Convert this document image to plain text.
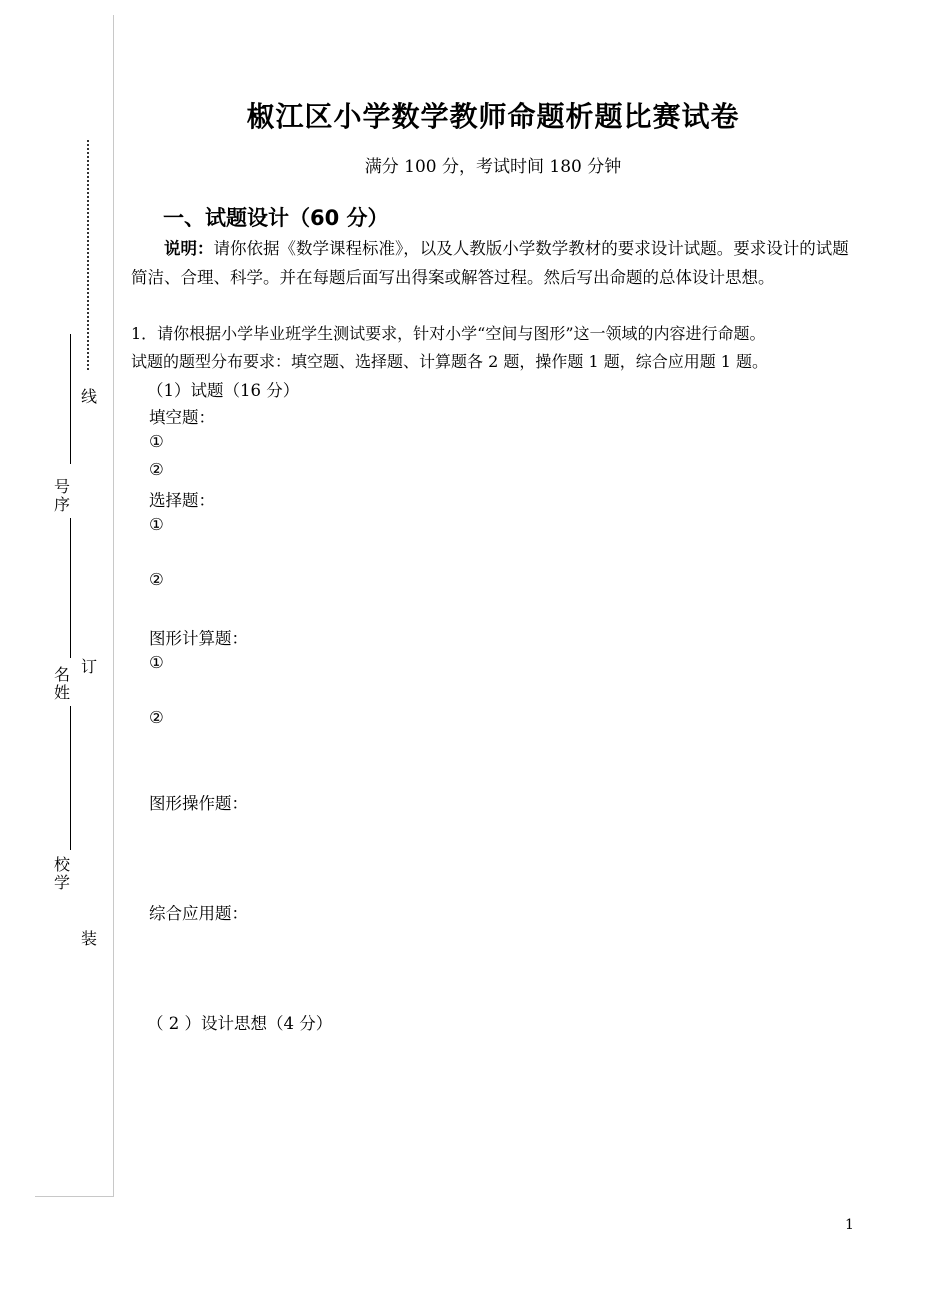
线
订
装
号序
名姓
校学
椒江区小学数学教师命题析题比赛试卷
满分 100 分，考试时间 180 分钟
一、试题设计（60 分）
说明：请你依据《数学课程标准》，以及人教版小学数学教材的要求设计试题。要求设计的试题简洁、合理、科学。并在每题后面写出得案或解答过程。然后写出命题的总体设计思想。
1．请你根据小学毕业班学生测试要求，针对小学“空间与图形”这一领域的内容进行命题。
试题的题型分布要求：填空题、选择题、计算题各 2 题，操作题 1 题，综合应用题 1 题。
（1）试题（16 分）
填空题：
①
②
选择题：
①
②
图形计算题：
①
②
图形操作题：
综合应用题：
（ 2 ）设计思想（4 分）
1
